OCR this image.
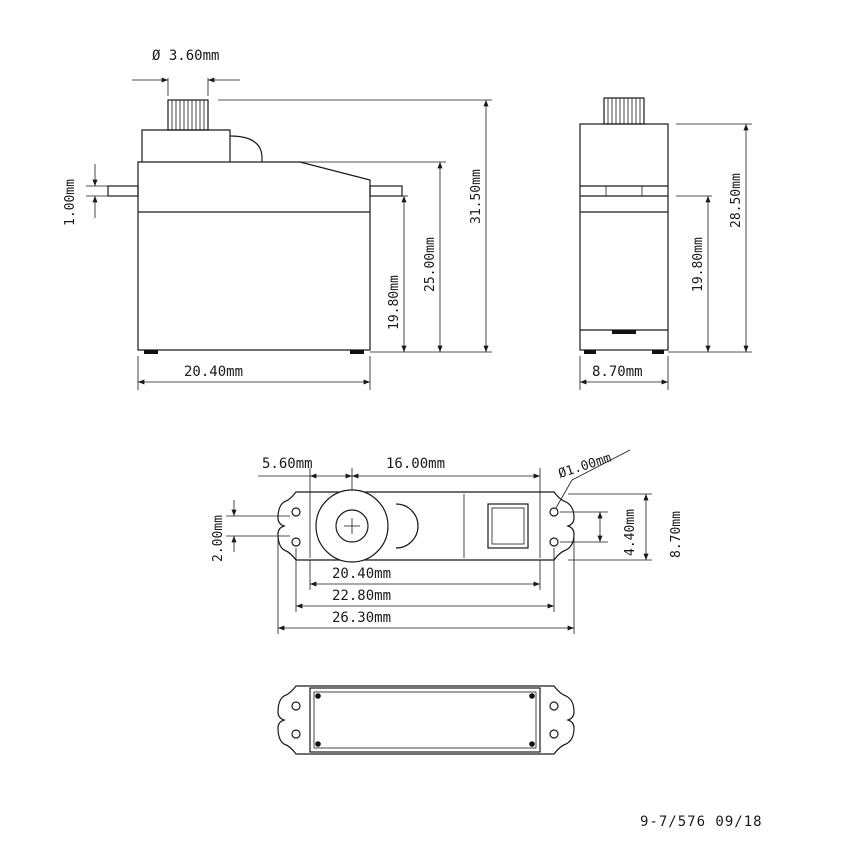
Ø 3.60mm
1.00mm
19.80mm
25.00mm
31.50mm
20.40mm
19.80mm
28.50mm
8.70mm
5.60mm	16.00mm	Ø1.00mm
2.00mm	4.40mm 8.70mm
20.40mm
22.80mm
26.30mm
9-7/576 09/18
